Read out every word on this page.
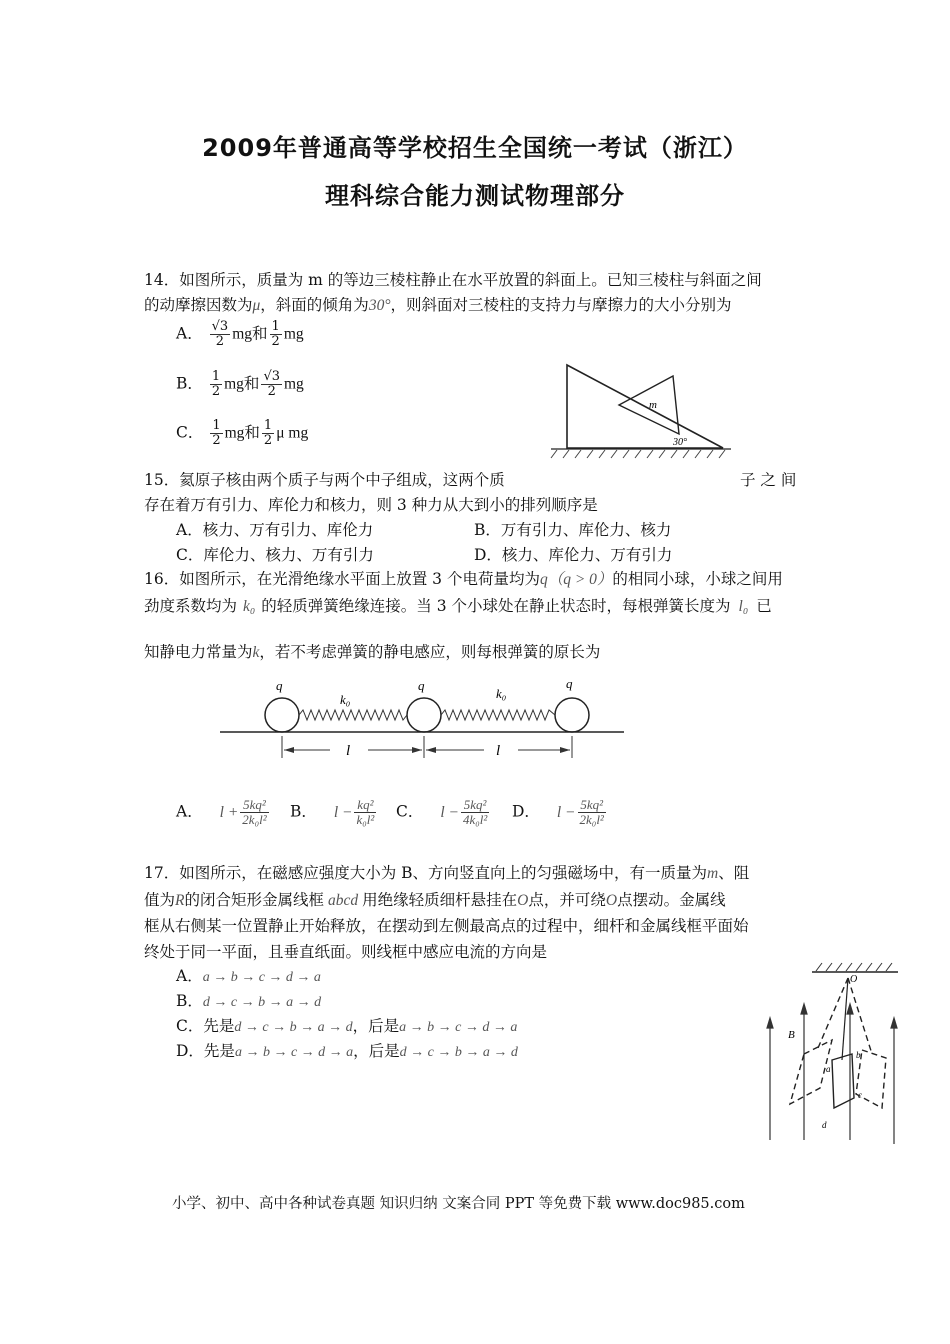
2009年普通高等学校招生全国统一考试（浙江）
理科综合能力测试物理部分
14．如图所示，质量为 m 的等边三棱柱静止在水平放置的斜面上。已知三棱柱与斜面之间
的动摩擦因数为μ，斜面的倾角为30°，则斜面对三棱柱的支持力与摩擦力的大小分别为
A． $\frac{√3}{2}$ mg和 $\frac{1}{2}$ mg
B． $\frac{1}{2}$ mg和 $\frac{√3}{2}$ mg
C． $\frac{1}{2}$ mg和 $\frac{1}{2}$ μ mg
m
30°
15．氦原子核由两个质子与两个中子组成，这两个质	子 之 间
存在着万有引力、库伦力和核力，则 3 种力从大到小的排列顺序是
A．核力、万有引力、库伦力	B．万有引力、库伦力、核力
C．库伦力、核力、万有引力	D．核力、库伦力、万有引力
16．如图所示，在光滑绝缘水平面上放置 3 个电荷量均为q（q > 0）的相同小球，小球之间用
劲度系数均为 k₀ 的轻质弹簧绝缘连接。当 3 个小球处在静止状态时，每根弹簧长度为 l₀ 已
知静电力常量为k，若不考虑弹簧的静电感应，则每根弹簧的原长为
q	q	q
k₀	k₀
l	l
A． $l + \frac{\text{5kq²}}{\text{2k₀l²}}$ B． $l - \frac{\text{kq²}}{\text{k₀l²}}$ C． $l - \frac{\text{5kq²}}{\text{4k₀l²}}$ D． $l - \frac{\text{5kq²}}{\text{2k₀l²}}$
17．如图所示，在磁感应强度大小为 B、方向竖直向上的匀强磁场中，有一质量为m、阻
值为R的闭合矩形金属线框 abcd 用绝缘轻质细杆悬挂在O点，并可绕O点摆动。金属线
框从右侧某一位置静止开始释放，在摆动到左侧最高点的过程中，细杆和金属线框平面始
终处于同一平面，且垂直纸面。则线框中感应电流的方向是
A．a → b → c → d → a
B．d → c → b → a → d
C．先是d → c → b → a → d，后是a → b → c → d → a
D．先是a → b → c → d → a，后是d → c → b → a → d
O
B
a
b
c
d
小学、初中、高中各种试卷真题 知识归纳 文案合同 PPT 等免费下载 www.doc985.com
